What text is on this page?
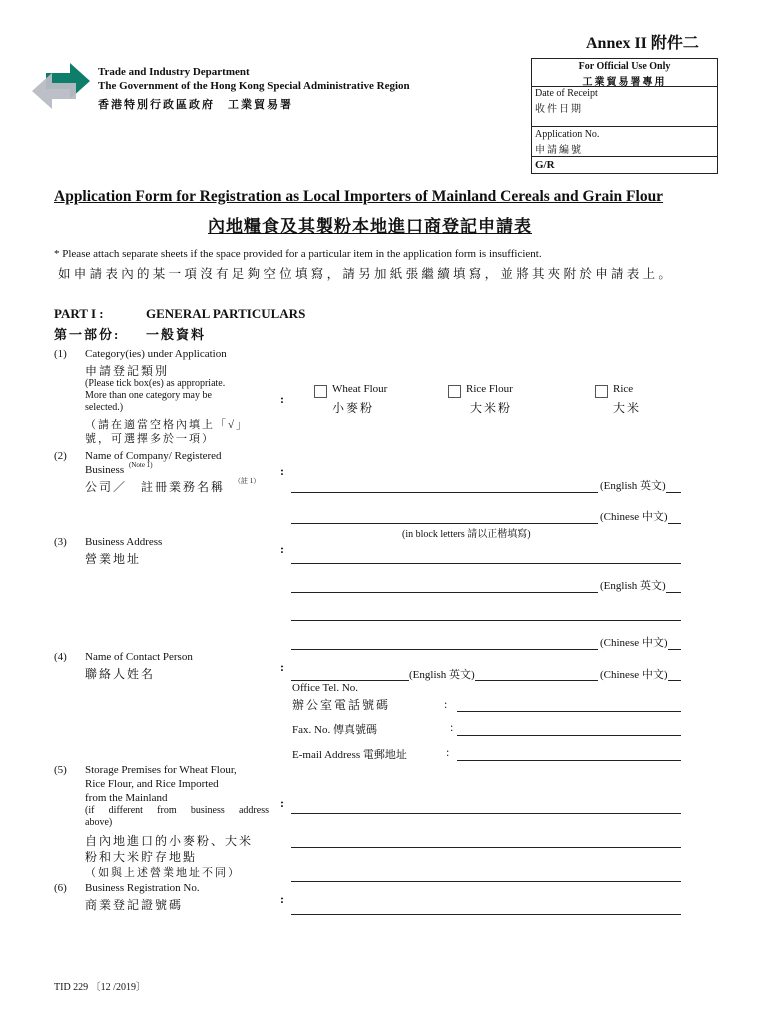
Annex II 附件二
Trade and Industry Department
The Government of the Hong Kong Special Administrative Region
香港特別行政區政府　工業貿易署
For Official Use Only
工業貿易署專用
Date of Receipt
收件日期
Application No.
申請編號
G/R
Application Form for Registration as Local Importers of Mainland Cereals and Grain Flour
內地糧食及其製粉本地進口商登記申請表
* Please attach separate sheets if the space provided for a particular item in the application form is insufficient.
如申請表內的某一項沒有足夠空位填寫，請另加紙張繼續填寫，並將其夾附於申請表上。
PART I :	GENERAL PARTICULARS
第一部份: 一般資料
(1) Category(ies) under Application
申請登記類別
(Please tick box(es) as appropriate.
More than one category may be
selected.)
（請在適當空格內填上「√」
號，可選擇多於一項）
:
Wheat Flour
小麥粉
Rice Flour
大米粉
Rice
大米
(2) Name of Company/ Registered
Business (Note 1)
公司／　註冊業務名稱 （註 1）
:
(English 英文)
(Chinese 中文)
(in block letters 請以正楷填寫)
(3) Business Address
營業地址
:
(English 英文)
(Chinese 中文)
(4) Name of Contact Person
聯絡人姓名	:
(English 英文)	(Chinese 中文)
Office Tel. No.
辦公室電話號碼	:
Fax. No. 傳真號碼	:
E-mail Address 電郵地址	:
(5) Storage Premises for Wheat Flour,
Rice Flour, and Rice Imported
from the Mainland
(if different from business address
above)
自內地進口的小麥粉、大米
粉和大米貯存地點
（如與上述營業地址不同）
:
(6) Business Registration No.
商業登記證號碼	:
TID 229 〔12 /2019〕
